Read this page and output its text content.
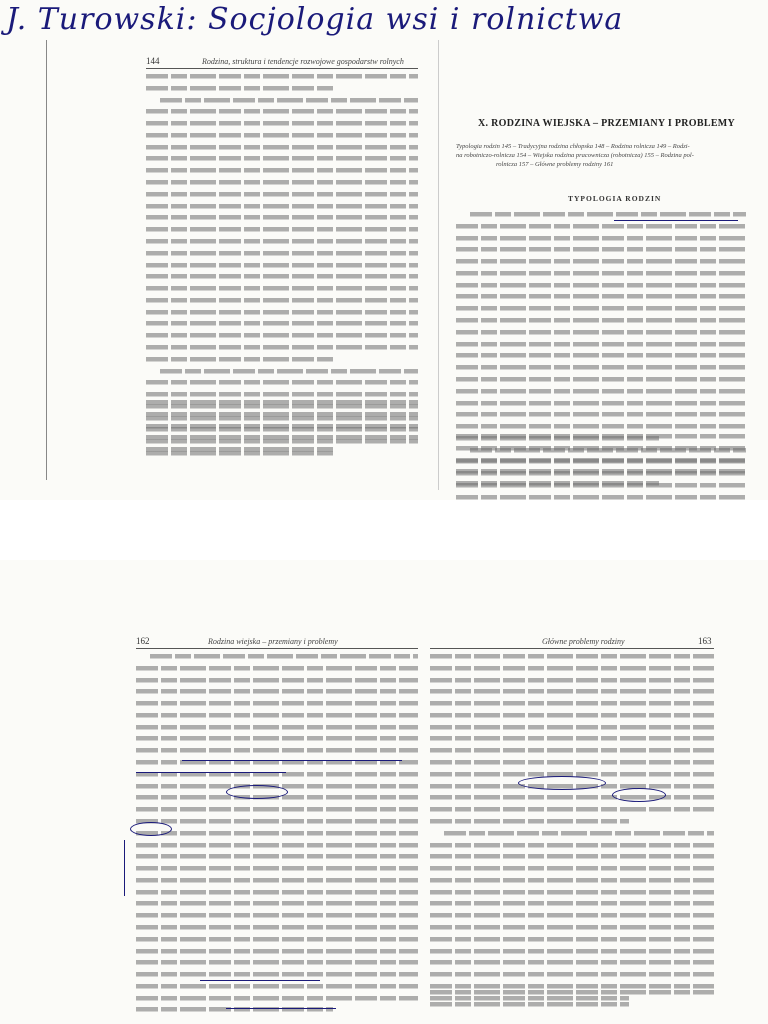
J. Turowski: Socjologia wsi i rolnictwa
144	Rodzina, struktura i tendencje rozwojowe gospodarstw rolnych
X. RODZINA WIEJSKA – PRZEMIANY I PROBLEMY
Typologia rodzin 145 – Tradycyjna rodzina chłopska 148 – Rodzina rolnicza 149 – Rodzi-
na robotniczo-rolnicza 154 – Wiejska rodzina pracownicza (robotnicza) 155 – Rodzina pol-
rolnicza 157 – Główne problemy rodziny 161
TYPOLOGIA RODZIN
162	Rodzina wiejska – przemiany i problemy	Główne problemy rodziny	163
